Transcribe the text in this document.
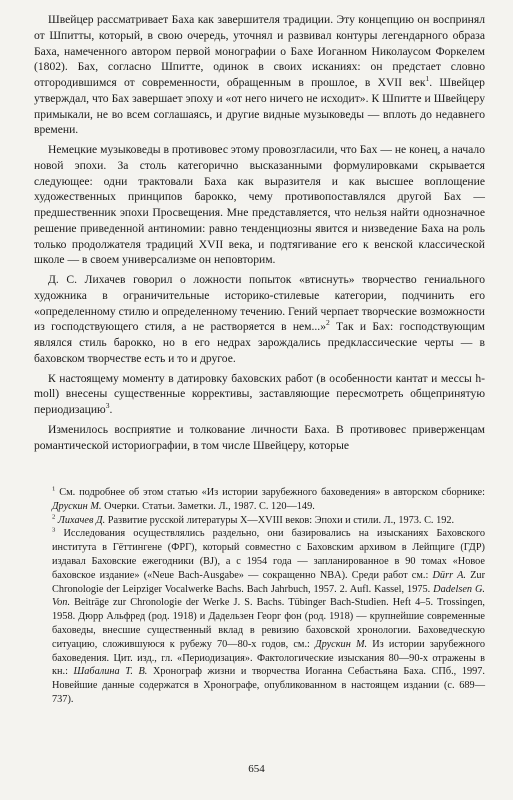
Швейцер рассматривает Баха как завершителя традиции. Эту концепцию он воспринял от Шпитты, который, в свою очередь, уточнял и развивал контуры легендарного образа Баха, намеченного автором первой монографии о Бахе Иоганном Николаусом Форкелем (1802). Бах, согласно Шпитте, одинок в своих исканиях: он предстает словно отгородившимся от современности, обращенным в прошлое, в XVII век$^1$. Швейцер утверждал, что Бах завершает эпоху и «от него ничего не исходит». К Шпитте и Швейцеру примыкали, не во всем соглашаясь, и другие видные музыковеды — вплоть до недавнего времени.

Немецкие музыковеды в противовес этому провозгласили, что Бах — не конец, а начало новой эпохи. За столь категорично высказанными формулировками скрывается следующее: одни трактовали Баха как выразителя и как высшее воплощение художественных принципов барокко, чему противопоставлялся другой Бах — предшественник эпохи Просвещения. Мне представляется, что нельзя найти однозначное решение приведенной антиномии: равно тенденциозны явится и низведение Баха на роль только продолжателя традиций XVII века, и подтягивание его к венской классической школе — в своем универсализме он неповторим.

Д. С. Лихачев говорил о ложности попыток «втиснуть» творчество гениального художника в ограничительные историко-стилевые категории, подчинить его «определенному стилю и определенному течению. Гений черпает творческие возможности из господствующего стиля, а не растворяется в нем...»$^2$ Так и Бах: господствующим являлся стиль барокко, но в его недрах зарождались предклассические черты — в баховском творчестве есть и то и другое.

К настоящему моменту в датировку баховских работ (в особенности кантат и мессы h-moll) внесены существенные коррективы, заставляющие пересмотреть общепринятую периодизацию$^3$.

Изменилось восприятие и толкование личности Баха. В противовес приверженцам романтической историографии, в том числе Швейцеру, которые

$^1$ См. подробнее об этом статью «Из истории зарубежного баховедения» в авторском сборнике: Друскин М. Очерки. Статьи. Заметки. Л., 1987. С. 120—149.

$^2$ Лихачев Д. Развитие русской литературы X—XVIII веков: Эпохи и стили. Л., 1973. С. 192.

$^3$ Исследования осуществлялись раздельно, они базировались на изысканиях Баховского института в Гёттингене (ФРГ), который совместно с Баховским архивом в Лейпциге (ГДР) издавал Баховские ежегодники (BJ), а с 1954 года — запланированное в 90 томах «Новое баховское издание» («Neue Bach-Ausgabe» — сокращенно NBA). Среди работ см.: Dürr A. Zur Chronologie der Leipziger Vocalwerke Bachs. Bach Jahrbuch, 1957. 2. Aufl. Kassel, 1975. Dadelsen G. Von. Beiträge zur Chronologie der Werke J. S. Bachs. Tübinger Bach-Studien. Heft 4–5. Trossingen, 1958. Дюрр Альфред (род. 1918) и Дадельзен Георг фон (род. 1918) — крупнейшие современные баховеды, внесшие существенный вклад в ревизию баховской хронологии. Баховедческую ситуацию, сложившуюся к рубежу 70—80-х годов, см.: Друскин М. Из истории зарубежного баховедения. Цит. изд., гл. «Периодизация». Фактологические изыскания 80—90-х отражены в кн.: Шабалина Т. В. Хронограф жизни и творчества Иоганна Себастьяна Баха. СПб., 1997. Новейшие данные содержатся в Хронографе, опубликованном в настоящем издании (с. 689—737).

654
